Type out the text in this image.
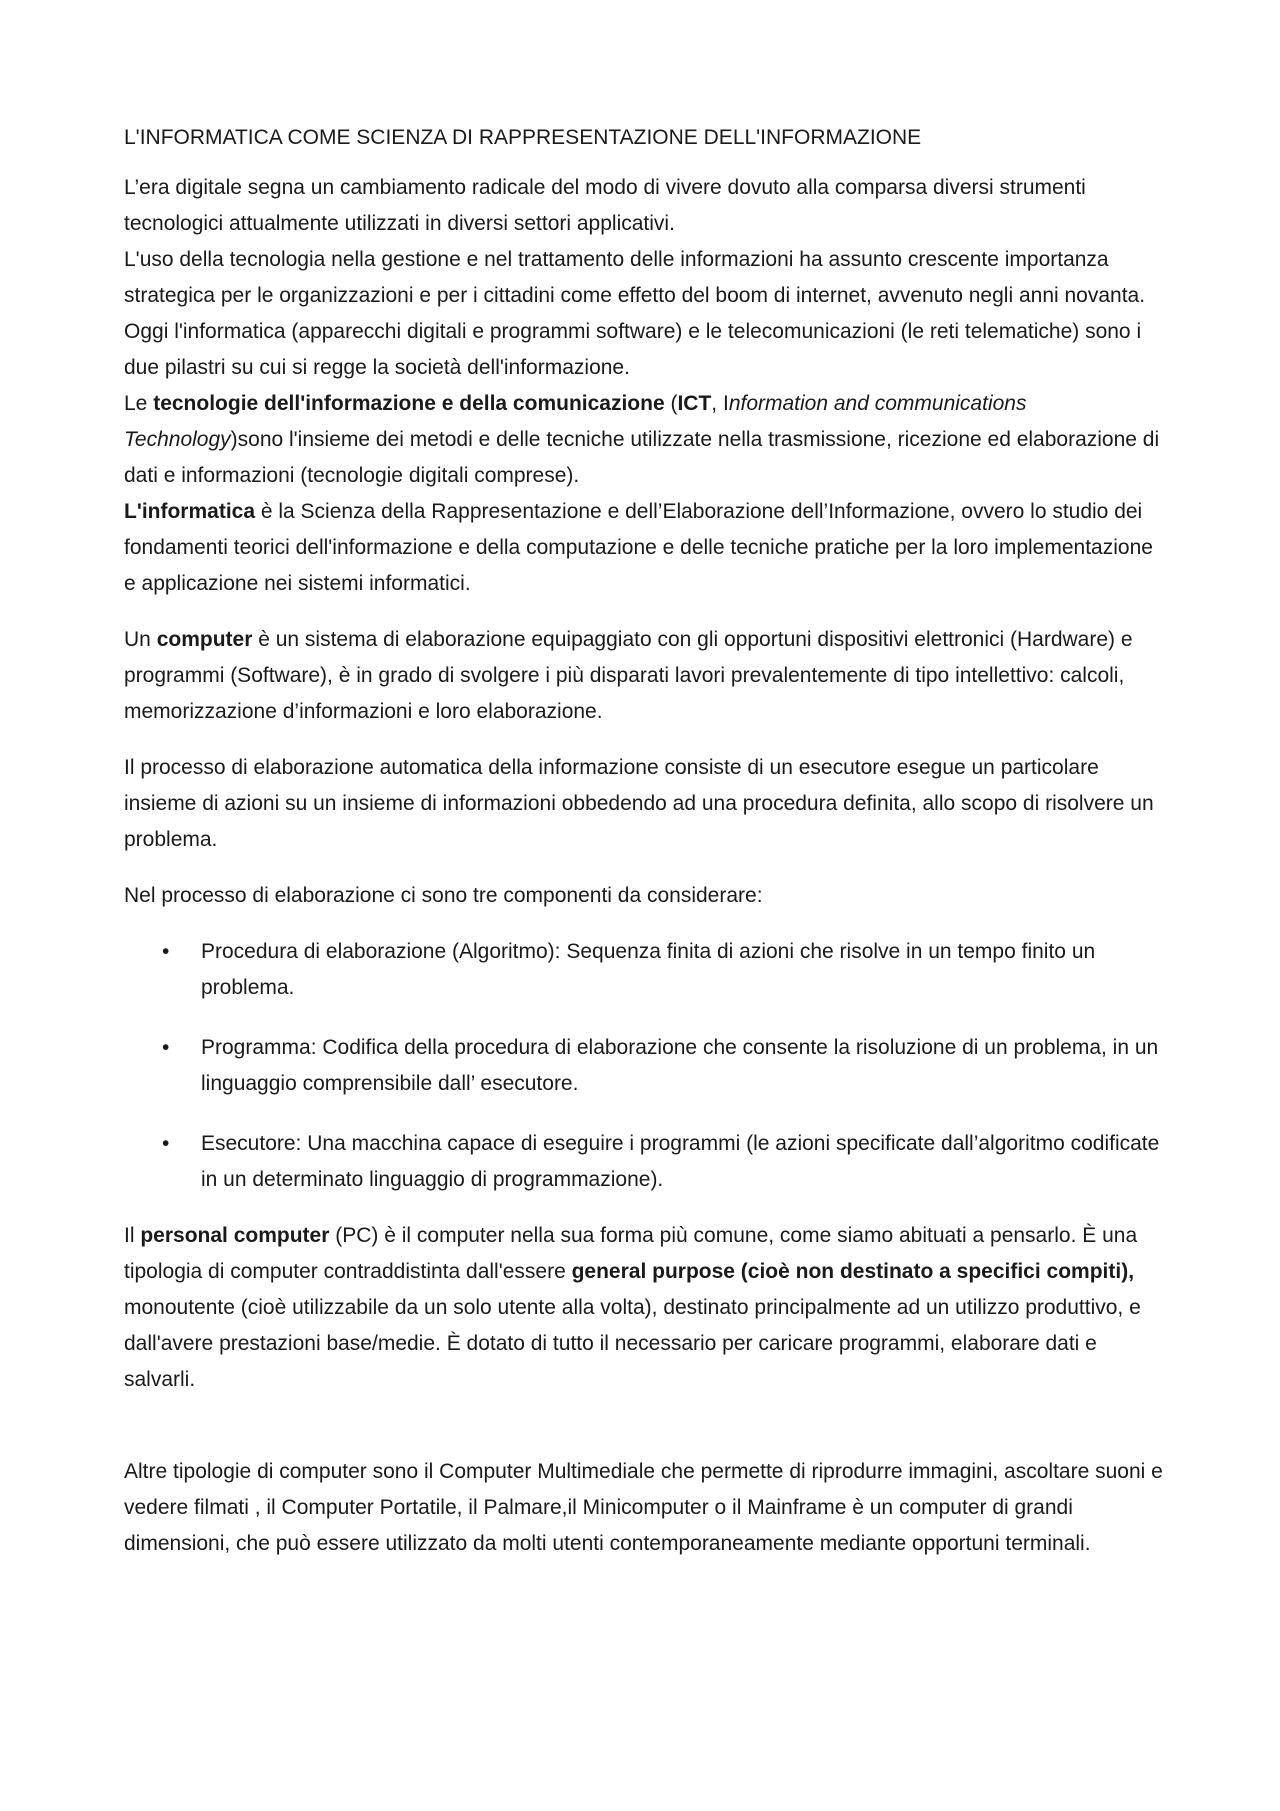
L'INFORMATICA COME SCIENZA DI RAPPRESENTAZIONE DELL'INFORMAZIONE

L’era digitale segna un cambiamento radicale del modo di vivere dovuto alla comparsa diversi strumenti tecnologici attualmente utilizzati in diversi settori applicativi.

L'uso della tecnologia nella gestione e nel trattamento delle informazioni ha assunto crescente importanza strategica per le organizzazioni e per i cittadini come effetto del boom di internet, avvenuto negli anni novanta. Oggi l'informatica (apparecchi digitali e programmi software) e le telecomunicazioni (le reti telematiche) sono i due pilastri su cui si regge la società dell'informazione.

Le tecnologie dell'informazione e della comunicazione (ICT, Information and communications Technology)sono l'insieme dei metodi e delle tecniche utilizzate nella trasmissione, ricezione ed elaborazione di dati e informazioni (tecnologie digitali comprese).

L'informatica è la Scienza della Rappresentazione e dell’Elaborazione dell’Informazione, ovvero lo studio dei fondamenti teorici dell'informazione e della computazione e delle tecniche pratiche per la loro implementazione e applicazione nei sistemi informatici.

Un computer è un sistema di elaborazione equipaggiato con gli opportuni dispositivi elettronici (Hardware) e programmi (Software), è in grado di svolgere i più disparati lavori prevalentemente di tipo intellettivo: calcoli, memorizzazione d’informazioni e loro elaborazione.

Il processo di elaborazione automatica della informazione consiste di un esecutore esegue un particolare insieme di azioni su un insieme di informazioni obbedendo ad una procedura definita, allo scopo di risolvere un problema.

Nel processo di elaborazione ci sono tre componenti da considerare:

• Procedura di elaborazione (Algoritmo): Sequenza finita di azioni che risolve in un tempo finito un problema.
• Programma: Codifica della procedura di elaborazione che consente la risoluzione di un problema, in un linguaggio comprensibile dall’ esecutore.
• Esecutore: Una macchina capace di eseguire i programmi (le azioni specificate dall’algoritmo codificate in un determinato linguaggio di programmazione).

Il personal computer (PC) è il computer nella sua forma più comune, come siamo abituati a pensarlo. È una tipologia di computer contraddistinta dall'essere general purpose (cioè non destinato a specifici compiti), monoutente (cioè utilizzabile da un solo utente alla volta), destinato principalmente ad un utilizzo produttivo, e dall'avere prestazioni base/medie. È dotato di tutto il necessario per caricare programmi, elaborare dati e salvarli.

Altre tipologie di computer sono il Computer Multimediale che permette di riprodurre immagini, ascoltare suoni e vedere filmati , il Computer Portatile, il Palmare,il Minicomputer o il Mainframe è un computer di grandi dimensioni, che può essere utilizzato da molti utenti contemporaneamente mediante opportuni terminali.
